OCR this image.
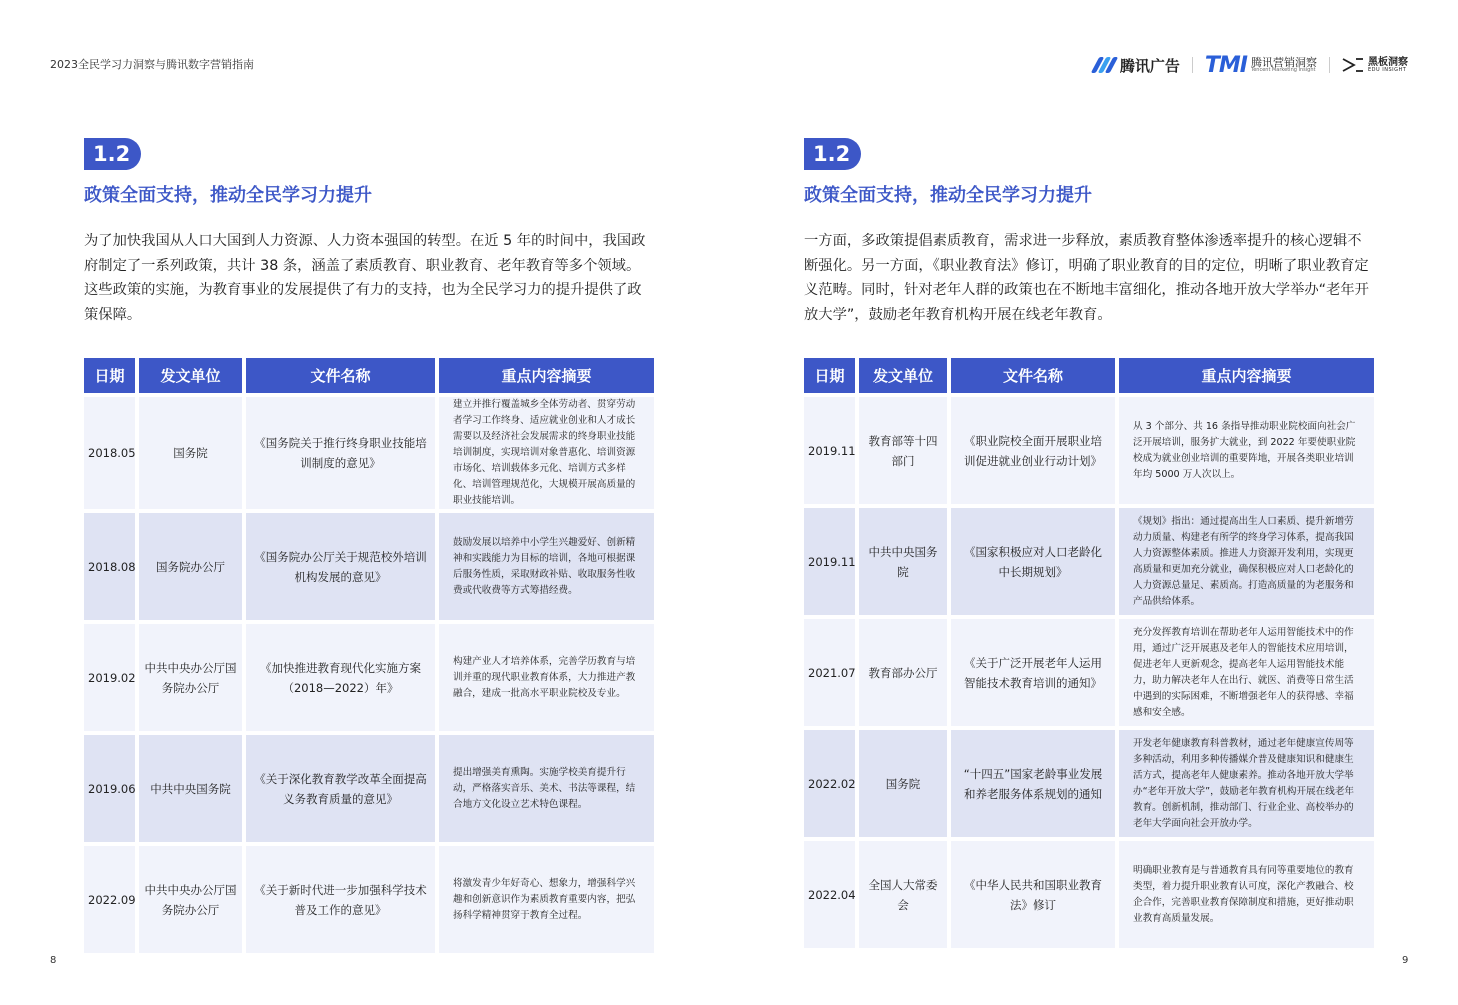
2023全民学习力洞察与腾讯数字营销指南	腾讯广告 TMI 腾讯营销洞察
Tencent Marketing Insight
黑板洞察
EDU INSIGHT
1.2
政策全面支持，推动全民学习力提升

为了加快我国从人口大国到人力资源、人力资本强国的转型。在近 5 年的时间中，我国政府制定了一系列政策，共计 38 条，涵盖了素质教育、职业教育、老年教育等多个领域。这些政策的实施，为教育事业的发展提供了有力的支持，也为全民学习力的提升提供了政策保障。

日期	发文单位	文件名称	重点内容摘要
2018.05	国务院	《国务院关于推行终身职业技能培训制度的意见》	建立并推行覆盖城乡全体劳动者、贯穿劳动者学习工作终身、适应就业创业和人才成长需要以及经济社会发展需求的终身职业技能培训制度，实现培训对象普惠化、培训资源市场化、培训载体多元化、培训方式多样化、培训管理规范化，大规模开展高质量的职业技能培训。
2018.08	国务院办公厅	《国务院办公厅关于规范校外培训机构发展的意见》	鼓励发展以培养中小学生兴趣爱好、创新精神和实践能力为目标的培训，各地可根据课后服务性质，采取财政补贴、收取服务性收费或代收费等方式筹措经费。
2019.02	中共中央办公厅国务院办公厅	《加快推进教育现代化实施方案（2018—2022）年》	构建产业人才培养体系，完善学历教育与培训并重的现代职业教育体系，大力推进产教融合，建成一批高水平职业院校及专业。
2019.06	中共中央国务院	《关于深化教育教学改革全面提高义务教育质量的意见》	提出增强美育熏陶。实施学校美育提升行动，严格落实音乐、美术、书法等课程，结合地方文化设立艺术特色课程。
2022.09	中共中央办公厅国务院办公厅	《关于新时代进一步加强科学技术普及工作的意见》	将激发青少年好奇心、想象力，增强科学兴趣和创新意识作为素质教育重要内容，把弘扬科学精神贯穿于教育全过程。
8
1.2
政策全面支持，推动全民学习力提升

一方面，多政策提倡素质教育，需求进一步释放，素质教育整体渗透率提升的核心逻辑不断强化。另一方面，《职业教育法》修订，明确了职业教育的目的定位，明晰了职业教育定义范畴。同时，针对老年人群的政策也在不断地丰富细化，推动各地开放大学举办“老年开放大学”，鼓励老年教育机构开展在线老年教育。

日期	发文单位	文件名称	重点内容摘要
2019.11	教育部等十四部门	《职业院校全面开展职业培训促进就业创业行动计划》	从 3 个部分、共 16 条指导推动职业院校面向社会广泛开展培训，服务扩大就业，到 2022 年要使职业院校成为就业创业培训的重要阵地，开展各类职业培训年均 5000 万人次以上。
2019.11	中共中央国务院	《国家积极应对人口老龄化中长期规划》	《规划》指出：通过提高出生人口素质、提升新增劳动力质量、构建老有所学的终身学习体系，提高我国人力资源整体素质。推进人力资源开发利用，实现更高质量和更加充分就业，确保积极应对人口老龄化的人力资源总量足、素质高。打造高质量的为老服务和产品供给体系。
2021.07	教育部办公厅	《关于广泛开展老年人运用智能技术教育培训的通知》	充分发挥教育培训在帮助老年人运用智能技术中的作用，通过广泛开展惠及老年人的智能技术应用培训，促进老年人更新观念，提高老年人运用智能技术能力，助力解决老年人在出行、就医、消费等日常生活中遇到的实际困难，不断增强老年人的获得感、幸福感和安全感。
2022.02	国务院	“十四五”国家老龄事业发展和养老服务体系规划的通知	开发老年健康教育科普教材，通过老年健康宣传周等多种活动，利用多种传播媒介普及健康知识和健康生活方式，提高老年人健康素养。推动各地开放大学举办“老年开放大学”，鼓励老年教育机构开展在线老年教育。创新机制，推动部门、行业企业、高校举办的老年大学面向社会开放办学。
2022.04	全国人大常委会	《中华人民共和国职业教育法》修订	明确职业教育是与普通教育具有同等重要地位的教育类型，着力提升职业教育认可度，深化产教融合、校企合作，完善职业教育保障制度和措施，更好推动职业教育高质量发展。
9
